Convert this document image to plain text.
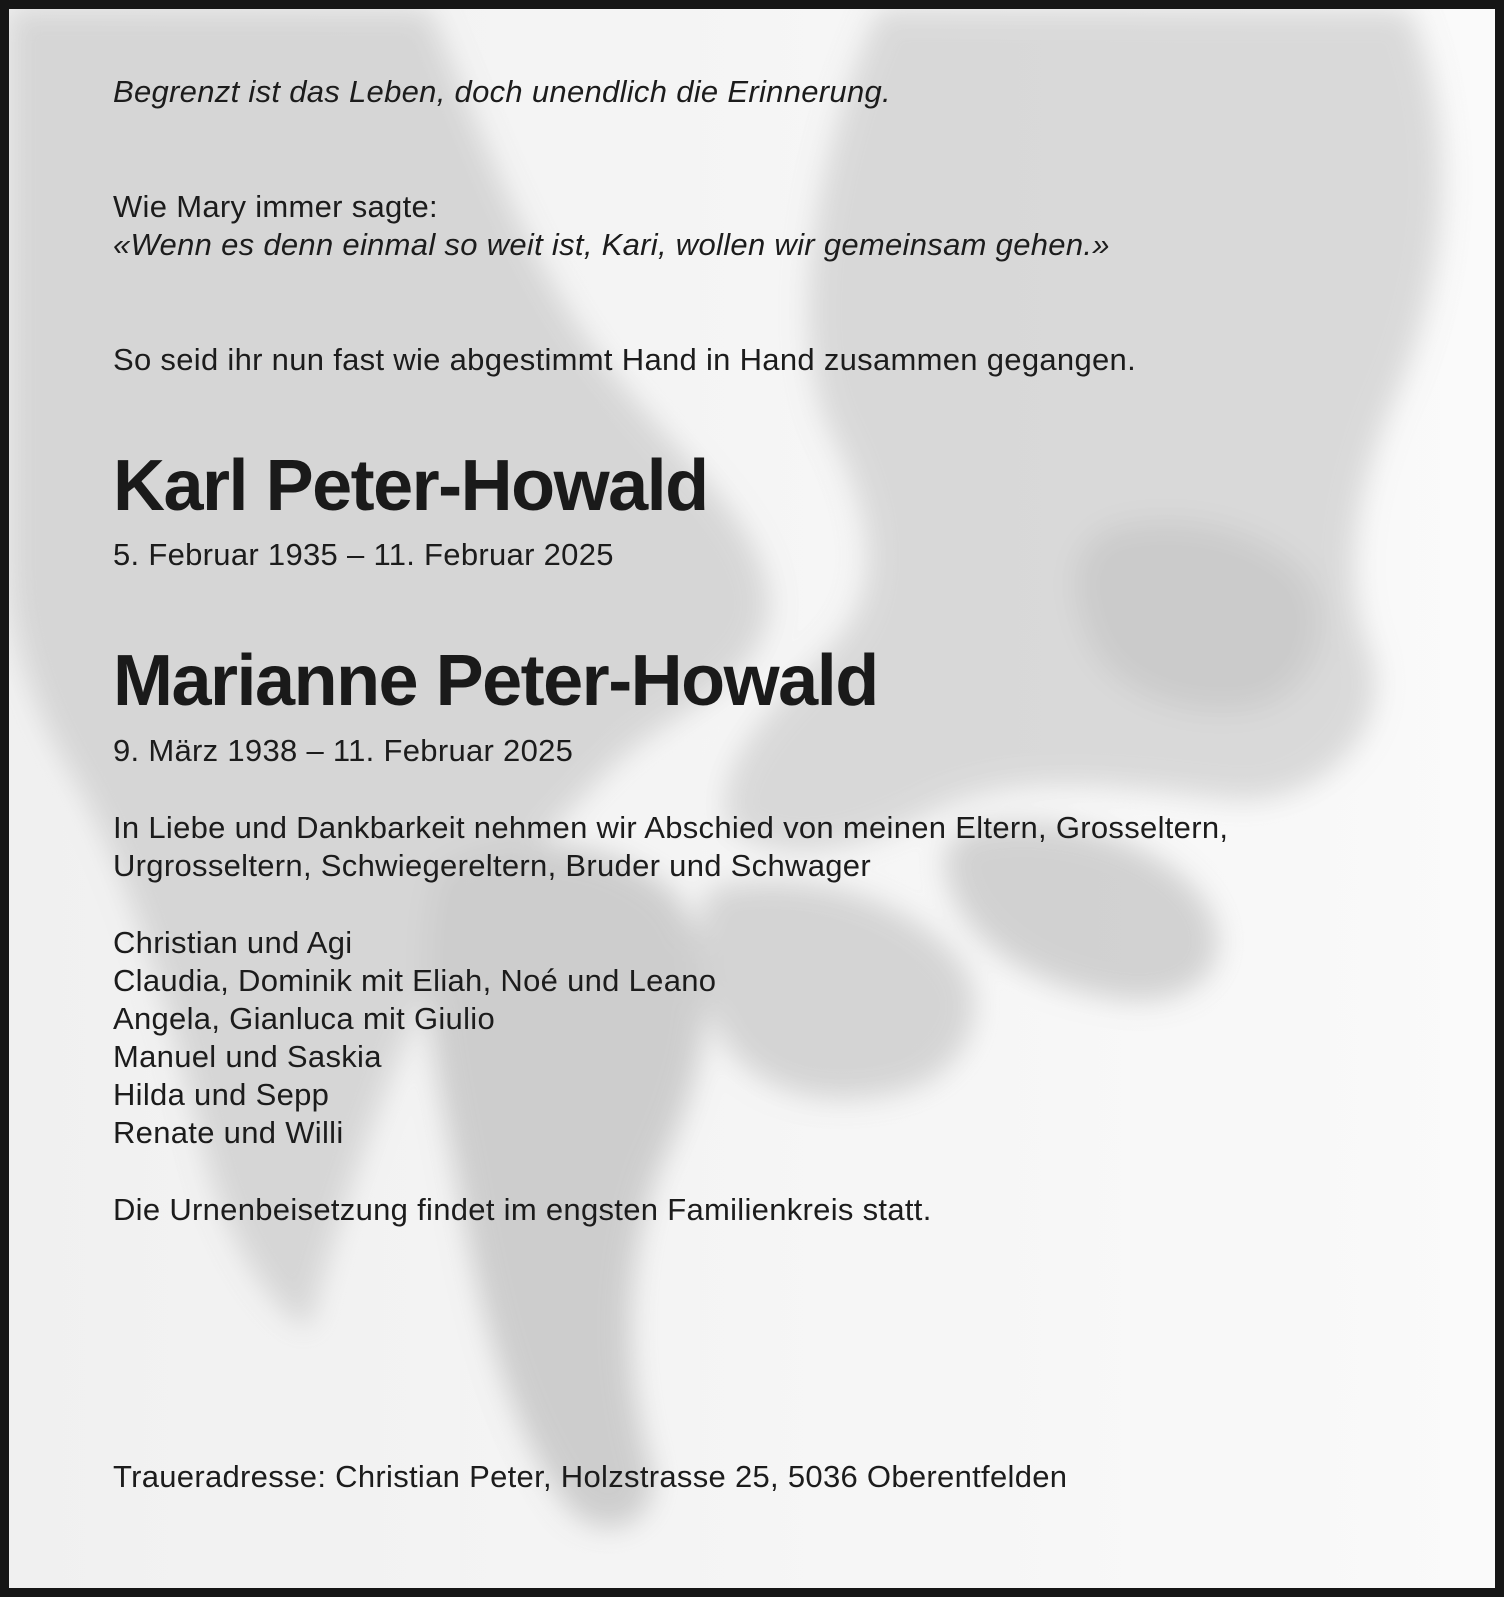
Begrenzt ist das Leben, doch unendlich die Erinnerung.
Wie Mary immer sagte:
«Wenn es denn einmal so weit ist, Kari, wollen wir gemeinsam gehen.»
So seid ihr nun fast wie abgestimmt Hand in Hand zusammen gegangen.
Karl Peter-Howald
5. Februar 1935 – 11. Februar 2025
Marianne Peter-Howald
9. März 1938 – 11. Februar 2025
In Liebe und Dankbarkeit nehmen wir Abschied von meinen Eltern, Grosseltern,
Urgrosseltern, Schwiegereltern, Bruder und Schwager
Christian und Agi
Claudia, Dominik mit Eliah, Noé und Leano
Angela, Gianluca mit Giulio
Manuel und Saskia
Hilda und Sepp
Renate und Willi
Die Urnenbeisetzung findet im engsten Familienkreis statt.
Traueradresse: Christian Peter, Holzstrasse 25, 5036 Oberentfelden
